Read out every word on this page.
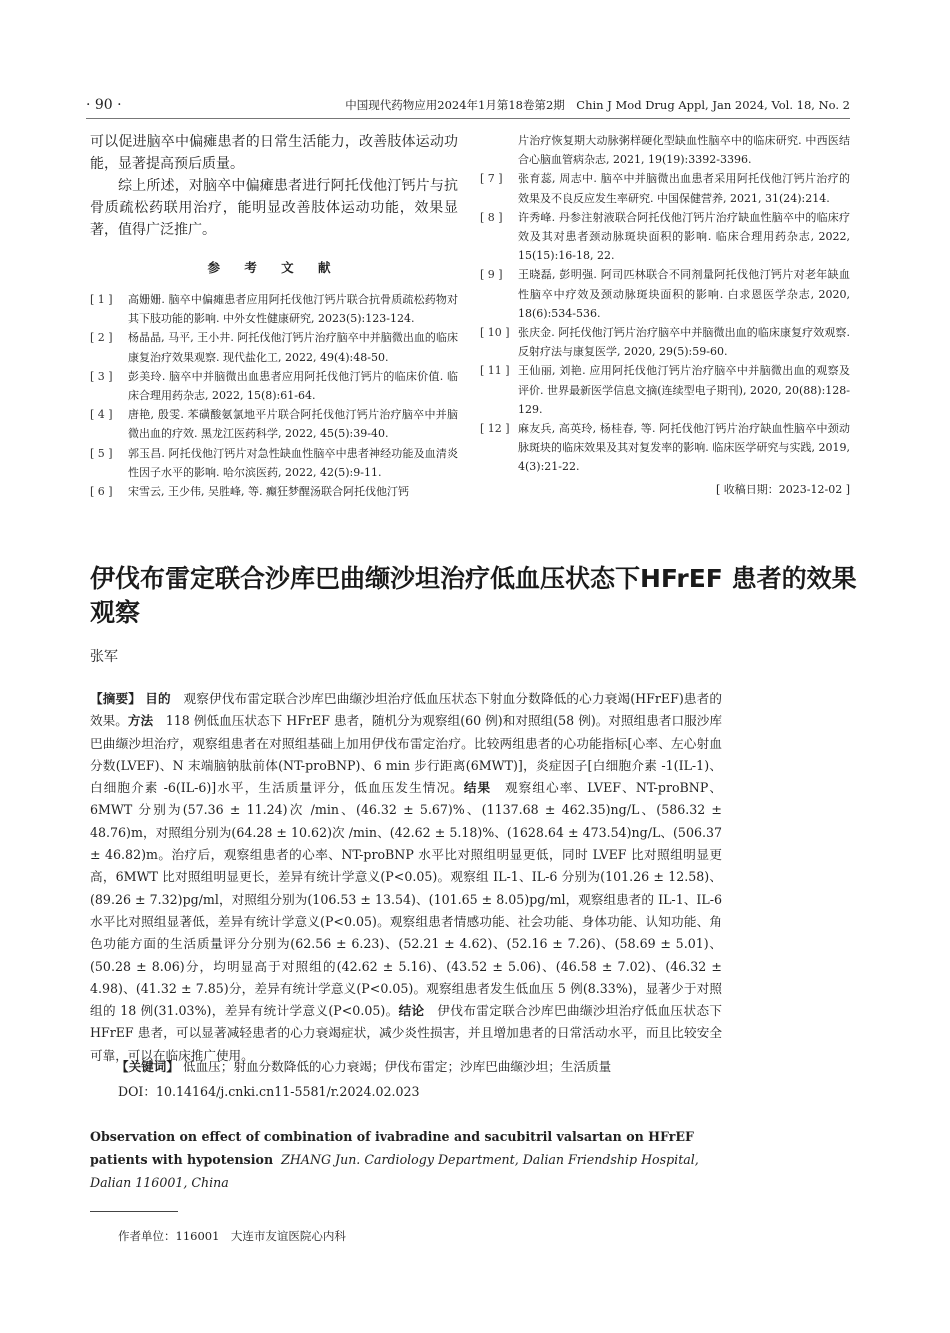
· 90 ·	中国现代药物应用2024年1月第18卷第2期　Chin J Mod Drug Appl, Jan 2024, Vol. 18, No. 2

可以促进脑卒中偏瘫患者的日常生活能力，改善肢体运动功能，显著提高预后质量。

综上所述，对脑卒中偏瘫患者进行阿托伐他汀钙片与抗骨质疏松药联用治疗，能明显改善肢体运动功能，效果显著，值得广泛推广。

参 考 文 献
[ 1 ]	高姗姗. 脑卒中偏瘫患者应用阿托伐他汀钙片联合抗骨质疏松药物对其下肢功能的影响. 中外女性健康研究, 2023(5):123-124.
[ 2 ]	杨晶晶, 马平, 王小井. 阿托伐他汀钙片治疗脑卒中并脑微出血的临床康复治疗效果观察. 现代盐化工, 2022, 49(4):48-50.
[ 3 ]	彭美玲. 脑卒中并脑微出血患者应用阿托伐他汀钙片的临床价值. 临床合理用药杂志, 2022, 15(8):61-64.
[ 4 ]	唐艳, 殷雯. 苯磺酸氨氯地平片联合阿托伐他汀钙片治疗脑卒中并脑微出血的疗效. 黑龙江医药科学, 2022, 45(5):39-40.
[ 5 ]	郭玉昌. 阿托伐他汀钙片对急性缺血性脑卒中患者神经功能及血清炎性因子水平的影响. 哈尔滨医药, 2022, 42(5):9-11.
[ 6 ]	宋雪云, 王少伟, 吴胜峰, 等. 癫狂梦醒汤联合阿托伐他汀钙
片治疗恢复期大动脉粥样硬化型缺血性脑卒中的临床研究. 中西医结合心脑血管病杂志, 2021, 19(19):3392-3396.
[ 7 ]	张育蕊, 周志中. 脑卒中并脑微出血患者采用阿托伐他汀钙片治疗的效果及不良反应发生率研究. 中国保健营养, 2021, 31(24):214.
[ 8 ]	许秀峰. 丹参注射液联合阿托伐他汀钙片治疗缺血性脑卒中的临床疗效及其对患者颈动脉斑块面积的影响. 临床合理用药杂志, 2022, 15(15):16-18, 22.
[ 9 ]	王晓磊, 彭明强. 阿司匹林联合不同剂量阿托伐他汀钙片对老年缺血性脑卒中疗效及颈动脉斑块面积的影响. 白求恩医学杂志, 2020, 18(6):534-536.
[ 10 ] 张庆金. 阿托伐他汀钙片治疗脑卒中并脑微出血的临床康复疗效观察. 反射疗法与康复医学, 2020, 29(5):59-60.
[ 11 ] 王仙丽, 刘艳. 应用阿托伐他汀钙片治疗脑卒中并脑微出血的观察及评价. 世界最新医学信息文摘(连续型电子期刊), 2020, 20(88):128-129.
[ 12 ] 麻友兵, 高英玲, 杨桂春, 等. 阿托伐他汀钙片治疗缺血性脑卒中颈动脉斑块的临床效果及其对复发率的影响. 临床医学研究与实践, 2019, 4(3):21-22.
[ 收稿日期：2023-12-02 ]
伊伐布雷定联合沙库巴曲缬沙坦治疗低血压状态下HFrEF 患者的效果观察
张军

【摘要】 目的　观察伊伐布雷定联合沙库巴曲缬沙坦治疗低血压状态下射血分数降低的心力衰竭(HFrEF)患者的效果。方法　118 例低血压状态下 HFrEF 患者，随机分为观察组(60 例)和对照组(58 例)。对照组患者口服沙库巴曲缬沙坦治疗，观察组患者在对照组基础上加用伊伐布雷定治疗。比较两组患者的心功能指标[心率、左心射血分数(LVEF)、N 末端脑钠肽前体(NT-proBNP)、6 min 步行距离(6MWT)]，炎症因子[白细胞介素 -1(IL-1)、白细胞介素 -6(IL-6)]水平，生活质量评分，低血压发生情况。结果　观察组心率、LVEF、NT-proBNP、6MWT 分别为(57.36 ± 11.24)次 /min、(46.32 ± 5.67)%、(1137.68 ± 462.35)ng/L、(586.32 ± 48.76)m，对照组分别为(64.28 ± 10.62)次 /min、(42.62 ± 5.18)%、(1628.64 ± 473.54)ng/L、(506.37 ± 46.82)m。治疗后，观察组患者的心率、NT-proBNP 水平比对照组明显更低，同时 LVEF 比对照组明显更高，6MWT 比对照组明显更长，差异有统计学意义(P<0.05)。观察组 IL-1、IL-6 分别为(101.26 ± 12.58)、(89.26 ± 7.32)pg/ml，对照组分别为(106.53 ± 13.54)、(101.65 ± 8.05)pg/ml，观察组患者的 IL-1、IL-6 水平比对照组显著低，差异有统计学意义(P<0.05)。观察组患者情感功能、社会功能、身体功能、认知功能、角色功能方面的生活质量评分分别为(62.56 ± 6.23)、(52.21 ± 4.62)、(52.16 ± 7.26)、(58.69 ± 5.01)、(50.28 ± 8.06)分，均明显高于对照组的(42.62 ± 5.16)、(43.52 ± 5.06)、(46.58 ± 7.02)、(46.32 ± 4.98)、(41.32 ± 7.85)分，差异有统计学意义(P<0.05)。观察组患者发生低血压 5 例(8.33%)，显著少于对照组的 18 例(31.03%)，差异有统计学意义(P<0.05)。结论　伊伐布雷定联合沙库巴曲缬沙坦治疗低血压状态下 HFrEF 患者，可以显著减轻患者的心力衰竭症状，减少炎性损害，并且增加患者的日常活动水平，而且比较安全可靠，可以在临床推广使用。

【关键词】 低血压；射血分数降低的心力衰竭；伊伐布雷定；沙库巴曲缬沙坦；生活质量
DOI：10.14164/j.cnki.cn11-5581/r.2024.02.023

Observation on effect of combination of ivabradine and sacubitril valsartan on HFrEF patients with hypotension ZHANG Jun. Cardiology Department, Dalian Friendship Hospital, Dalian 116001, China

作者单位：116001　大连市友谊医院心内科
